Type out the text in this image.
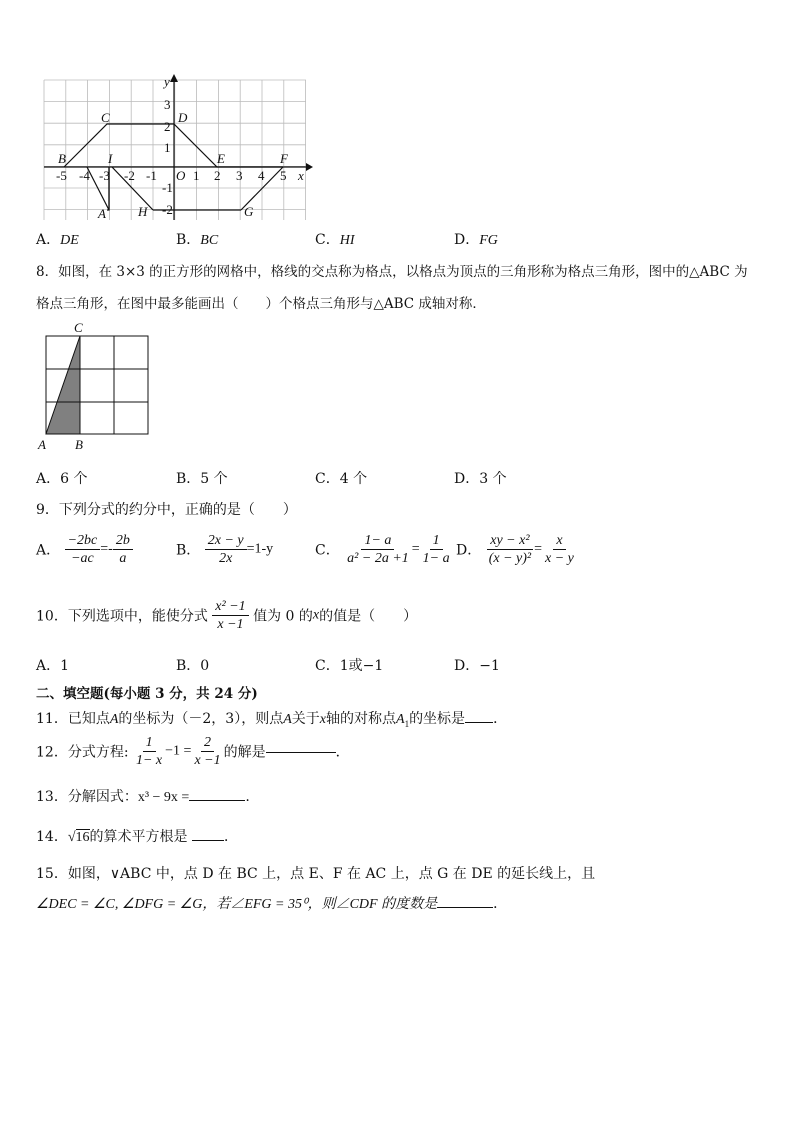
y
x
O
B
C	D
E	F
I
A H	G
-5 -4 -3 -2 -1	1 2 3 4 5
3
2
1
-1
-2
A．DE	B．BC	C．HI	D．FG
8．如图，在 3×3 的正方形的网格中，格线的交点称为格点，以格点为顶点的三角形称为格点三角形，图中的△ABC 为
格点三角形，在图中最多能画出（　　）个格点三角形与△ABC 成轴对称．
C
A B
A．6 个	B．5 个	C．4 个	D．3 个
9．下列分式的约分中，正确的是（　　）
A． $\frac{-2bc}{-ac} =- \frac{2b}{a}$	B． $\frac{2x - y}{2x} =1-y$	C． $\frac{1- a}{\text{a² − 2a +1}} = \frac{1}{1- a}$ D． $\frac{\text{xy − x²}}{\text{(x − y)²}} = \frac{x}{x - y}$
10．下列选项中，能使分式 $\frac{\text{x² −1}}{x -1}$ 值为 0 的x的值是（　　）
A．1	B．0	C．1或−1	D．−1
二、填空题(每小题 3 分，共 24 分)
11．已知点A的坐标为（－2，3），则点A关于x轴的对称点$A_1$的坐标是 ．
12．分式方程: $\frac{1}{1- x} -1 = \frac{2}{x -1}$ 的解是	．
13．分解因式：x³ − 9x =	.
14．√16的算术平方根是	．
15．如图，∨ABC 中，点 D 在 BC 上，点 E、F 在 AC 上，点 G 在 DE 的延长线上，且
∠DEC = ∠C, ∠DFG = ∠G，若∠EFG = 35⁰，则∠CDF 的度数是	．
